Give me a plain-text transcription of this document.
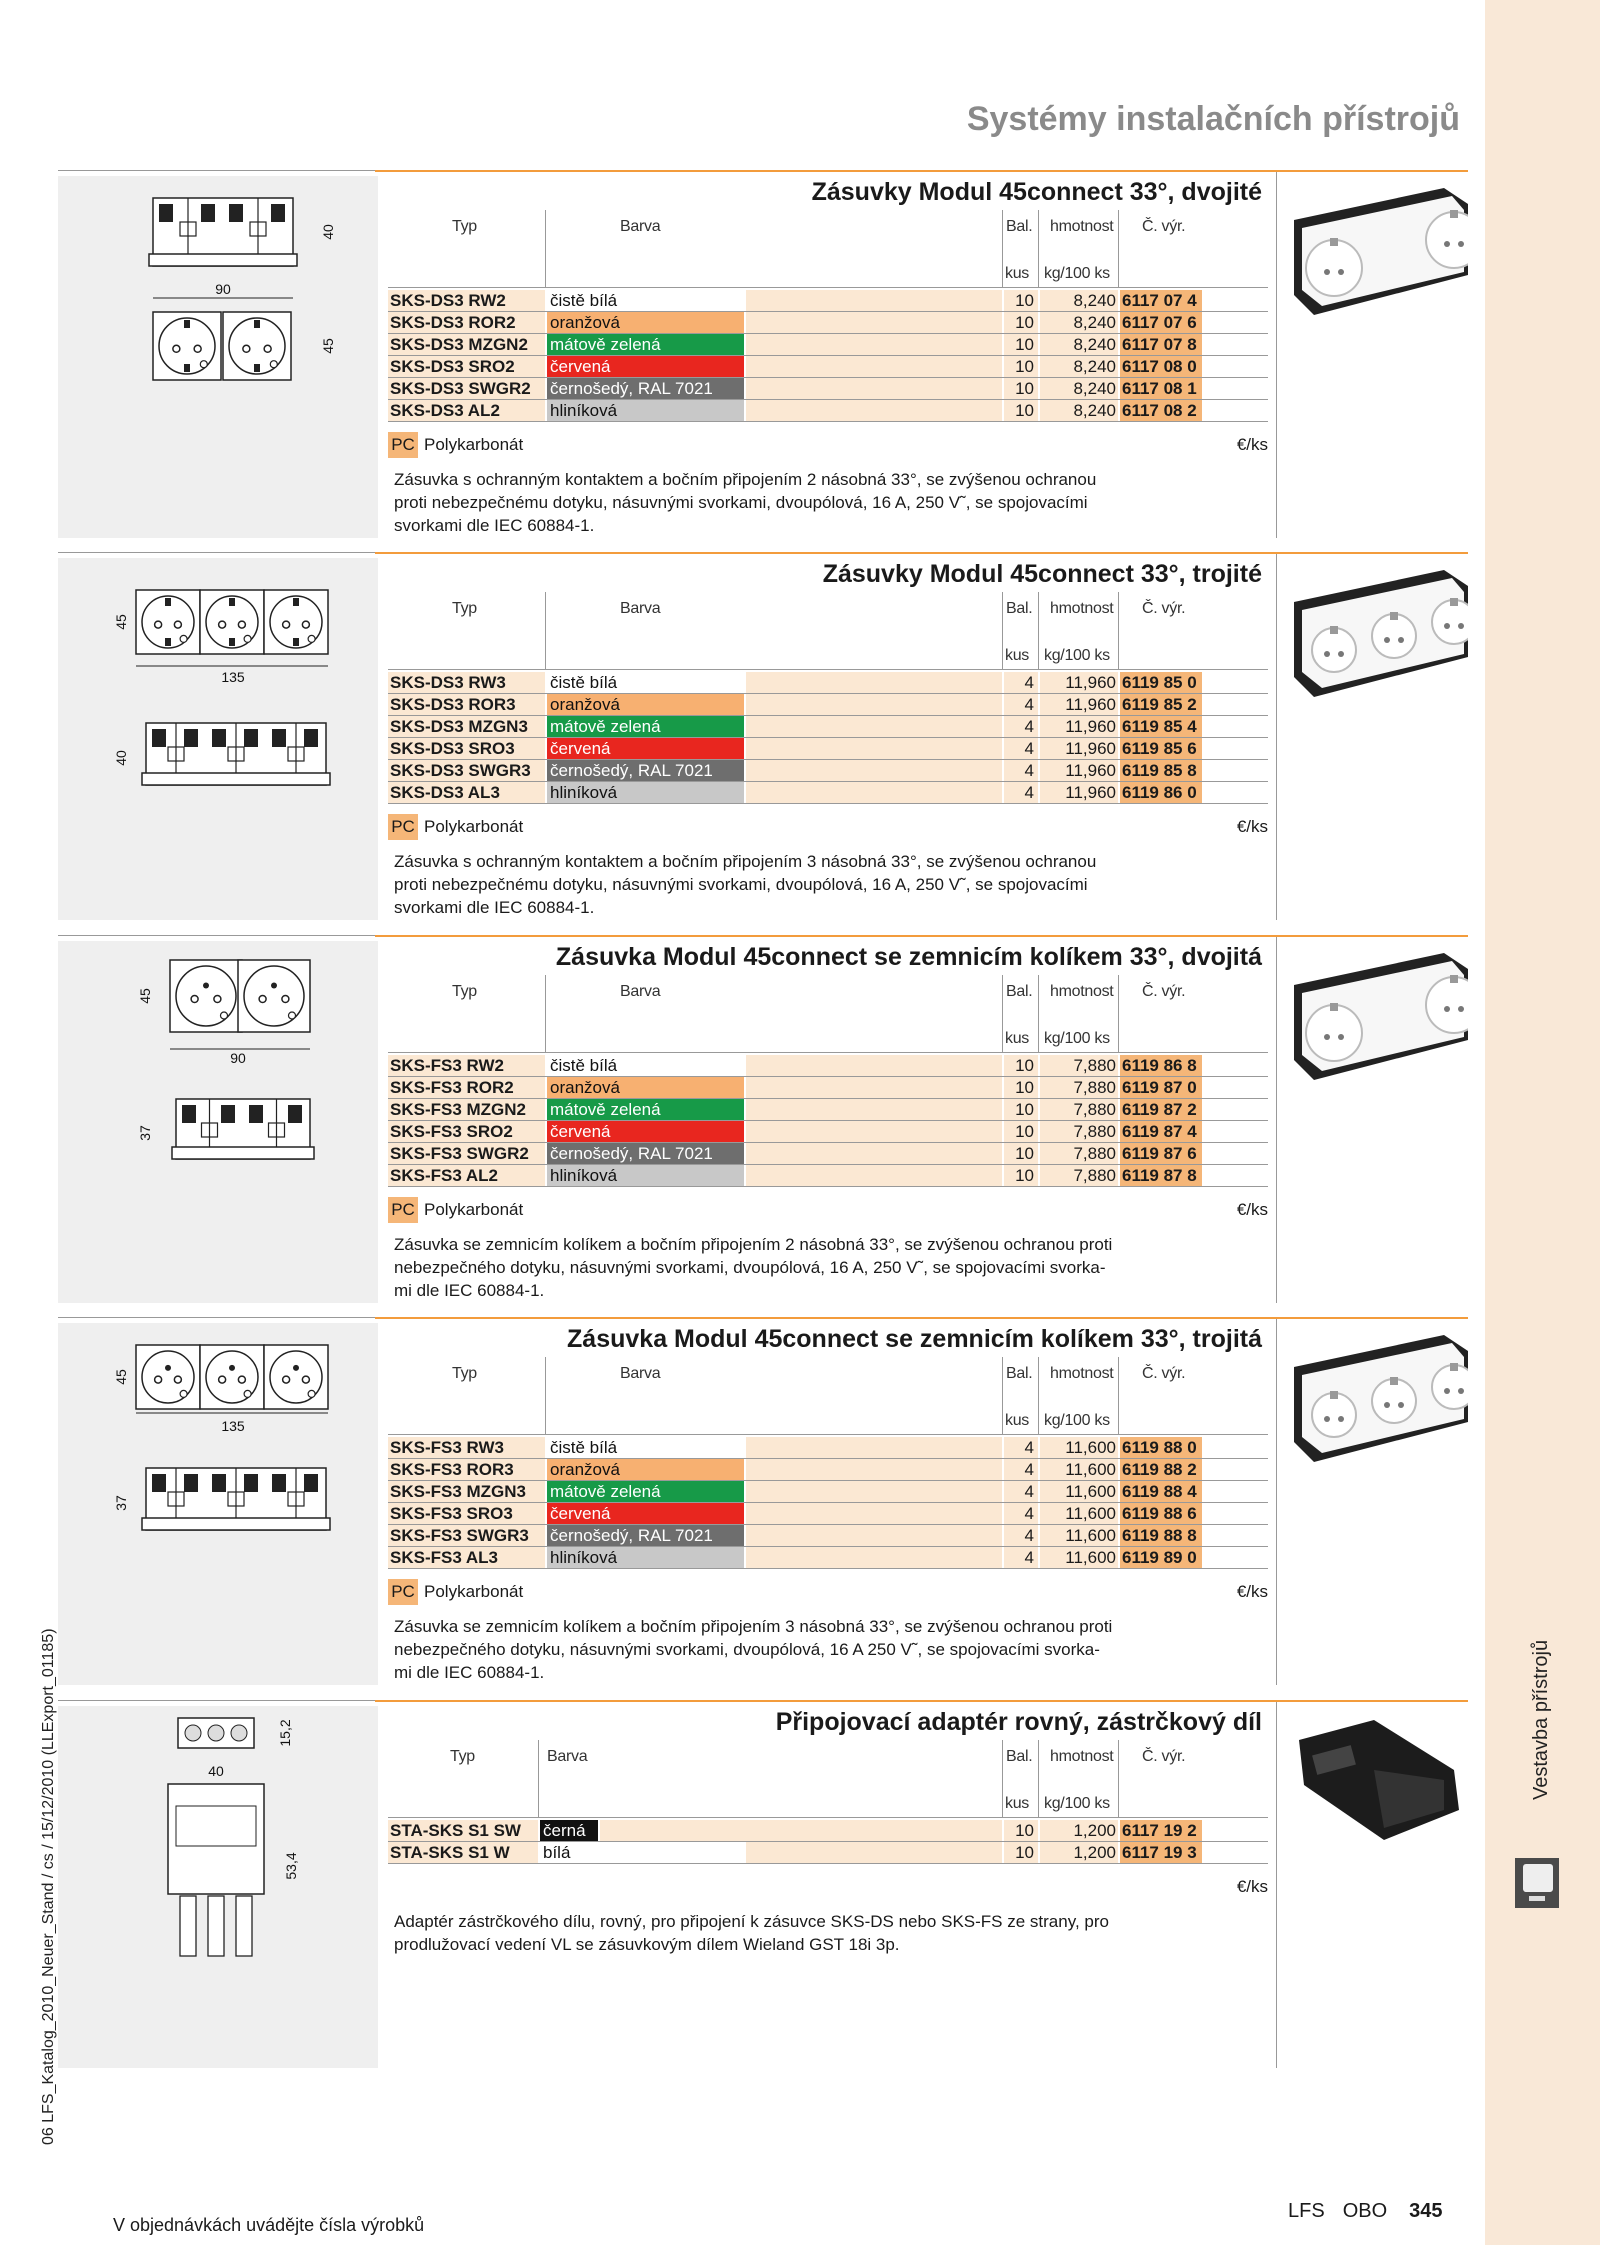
06 LFS_Katalog_2010_Neuer_Stand / cs / 15/12/2010 (LLExport_01185)
Systémy instalačních přístrojů
40
90
45
Zásuvky Modul 45connect 33°, dvojité
Typ	Barva	Bal. hmotnost Č. výr.
kus kg/100 ks
SKS-DS3 RW2	čistě bílá	10	8,240 6117 07 4
SKS-DS3 ROR2	oranžová	10	8,240 6117 07 6
SKS-DS3 MZGN2	mátově zelená	10	8,240 6117 07 8
SKS-DS3 SRO2	červená	10	8,240 6117 08 0
SKS-DS3 SWGR2	černošedý, RAL 7021	10	8,240 6117 08 1
SKS-DS3 AL2	hliníková	10	8,240 6117 08 2
PC Polykarbonát	€/ks
Zásuvka s ochranným kontaktem a bočním připojením 2 násobná 33°, se zvýšenou ochranou
proti nebezpečnému dotyku, násuvnými svorkami, dvoupólová, 16 A, 250 V˜, se spojovacími
svorkami dle IEC 60884-1.
45
135
40
Zásuvky Modul 45connect 33°, trojité
Typ	Barva	Bal. hmotnost Č. výr.
kus kg/100 ks
SKS-DS3 RW3	čistě bílá	4	11,960 6119 85 0
SKS-DS3 ROR3	oranžová	4	11,960 6119 85 2
SKS-DS3 MZGN3	mátově zelená	4	11,960 6119 85 4
SKS-DS3 SRO3	červená	4	11,960 6119 85 6
SKS-DS3 SWGR3	černošedý, RAL 7021	4	11,960 6119 85 8
SKS-DS3 AL3	hliníková	4	11,960 6119 86 0
PC Polykarbonát	€/ks
Zásuvka s ochranným kontaktem a bočním připojením 3 násobná 33°, se zvýšenou ochranou
proti nebezpečnému dotyku, násuvnými svorkami, dvoupólová, 16 A, 250 V˜, se spojovacími
svorkami dle IEC 60884-1.
45
90
37
Zásuvka Modul 45connect se zemnicím kolíkem 33°, dvojitá
Typ	Barva	Bal. hmotnost Č. výr.
kus kg/100 ks
SKS-FS3 RW2	čistě bílá	10	7,880 6119 86 8
SKS-FS3 ROR2	oranžová	10	7,880 6119 87 0
SKS-FS3 MZGN2	mátově zelená	10	7,880 6119 87 2
SKS-FS3 SRO2	červená	10	7,880 6119 87 4
SKS-FS3 SWGR2	černošedý, RAL 7021	10	7,880 6119 87 6
SKS-FS3 AL2	hliníková	10	7,880 6119 87 8
PC Polykarbonát	€/ks
Zásuvka se zemnicím kolíkem a bočním připojením 2 násobná 33°, se zvýšenou ochranou proti
nebezpečného dotyku, násuvnými svorkami, dvoupólová, 16 A, 250 V˜, se spojovacími svorka-
mi dle IEC 60884-1.
45
135
37
Zásuvka Modul 45connect se zemnicím kolíkem 33°, trojitá
Typ	Barva	Bal. hmotnost Č. výr.
kus kg/100 ks
SKS-FS3 RW3	čistě bílá	4	11,600 6119 88 0
SKS-FS3 ROR3	oranžová	4	11,600 6119 88 2
SKS-FS3 MZGN3	mátově zelená	4	11,600 6119 88 4
SKS-FS3 SRO3	červená	4	11,600 6119 88 6
SKS-FS3 SWGR3	černošedý, RAL 7021	4	11,600 6119 88 8
SKS-FS3 AL3	hliníková	4	11,600 6119 89 0
PC Polykarbonát	€/ks
Zásuvka se zemnicím kolíkem a bočním připojením 3 násobná 33°, se zvýšenou ochranou proti
nebezpečného dotyku, násuvnými svorkami, dvoupólová, 16 A 250 V˜, se spojovacími svorka-
mi dle IEC 60884-1.
40
15,2
53,4
Připojovací adaptér rovný, zástrčkový díl
Typ	Barva	Bal. hmotnost Č. výr.
kus kg/100 ks
STA-SKS S1 SW	černá	10	1,200 6117 19 2
STA-SKS S1 W	bílá	10	1,200 6117 19 3
€/ks
Adaptér zástrčkového dílu, rovný, pro připojení k zásuvce SKS-DS nebo SKS-FS ze strany, pro
prodlužovací vedení VL se zásuvkovým dílem Wieland GST 18i 3p.
V objednávkách uvádějte čísla výrobků
LFS OBO 345
